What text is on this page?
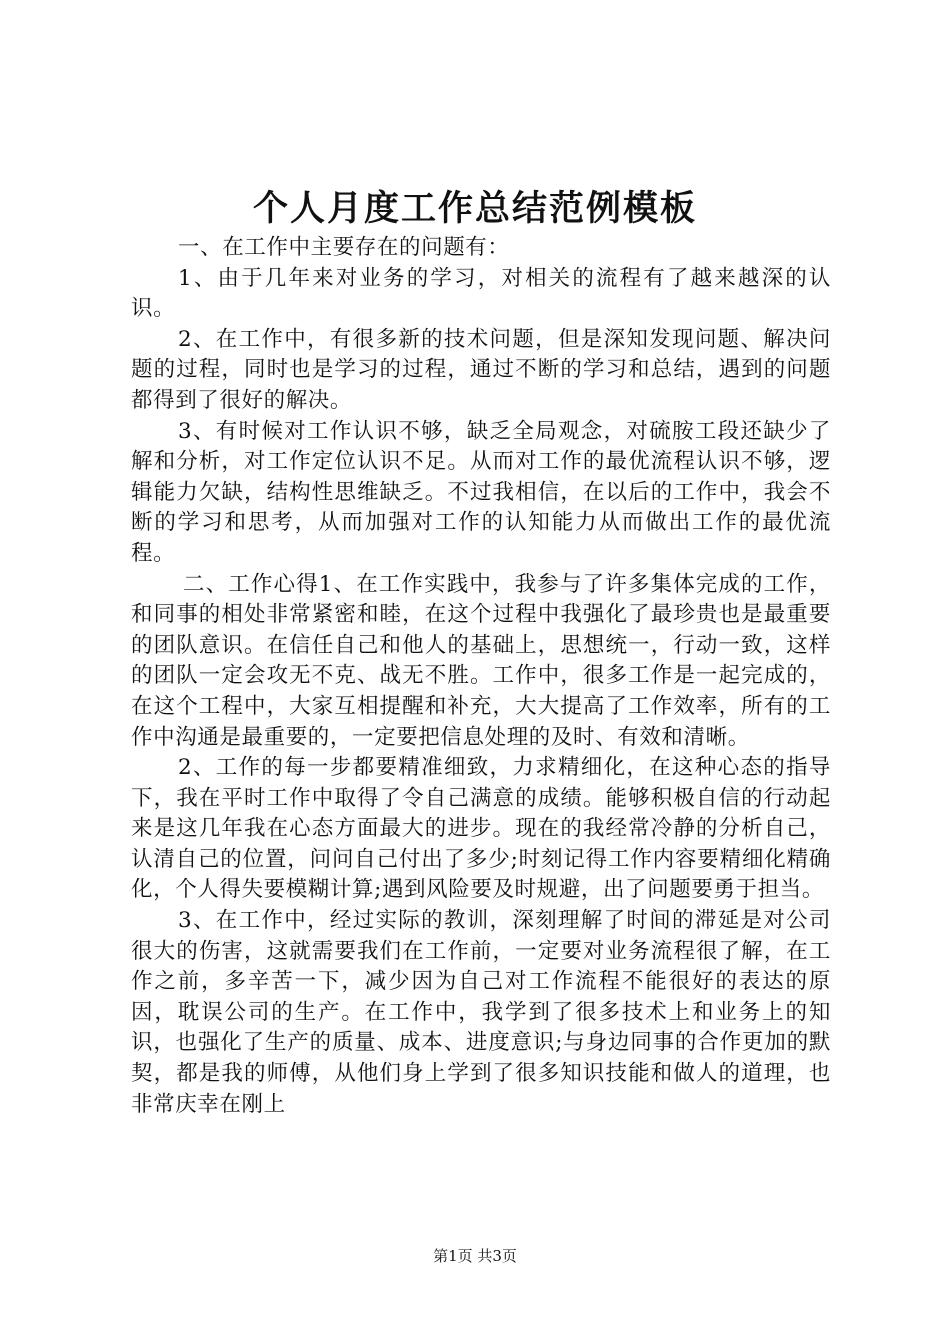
个人月度工作总结范例模板

一、在工作中主要存在的问题有：

1、由于几年来对业务的学习，对相关的流程有了越来越深的认识。

2、在工作中，有很多新的技术问题，但是深知发现问题、解决问题的过程，同时也是学习的过程，通过不断的学习和总结，遇到的问题都得到了很好的解决。

3、有时候对工作认识不够，缺乏全局观念，对硫胺工段还缺少了解和分析，对工作定位认识不足。从而对工作的最优流程认识不够，逻辑能力欠缺，结构性思维缺乏。不过我相信，在以后的工作中，我会不断的学习和思考，从而加强对工作的认知能力从而做出工作的最优流程。

二、工作心得1、在工作实践中，我参与了许多集体完成的工作，和同事的相处非常紧密和睦，在这个过程中我强化了最珍贵也是最重要的团队意识。在信任自己和他人的基础上，思想统一，行动一致，这样的团队一定会攻无不克、战无不胜。工作中，很多工作是一起完成的，在这个工程中，大家互相提醒和补充，大大提高了工作效率，所有的工作中沟通是最重要的，一定要把信息处理的及时、有效和清晰。

2、工作的每一步都要精准细致，力求精细化，在这种心态的指导下，我在平时工作中取得了令自己满意的成绩。能够积极自信的行动起来是这几年我在心态方面最大的进步。现在的我经常冷静的分析自己，认清自己的位置，问问自己付出了多少;时刻记得工作内容要精细化精确化，个人得失要模糊计算;遇到风险要及时规避，出了问题要勇于担当。

3、在工作中，经过实际的教训，深刻理解了时间的滞延是对公司很大的伤害，这就需要我们在工作前，一定要对业务流程很了解，在工作之前，多辛苦一下，减少因为自己对工作流程不能很好的表达的原因，耽误公司的生产。在工作中，我学到了很多技术上和业务上的知识，也强化了生产的质量、成本、进度意识;与身边同事的合作更加的默契，都是我的师傅，从他们身上学到了很多知识技能和做人的道理，也非常庆幸在刚上

第1页 共3页
